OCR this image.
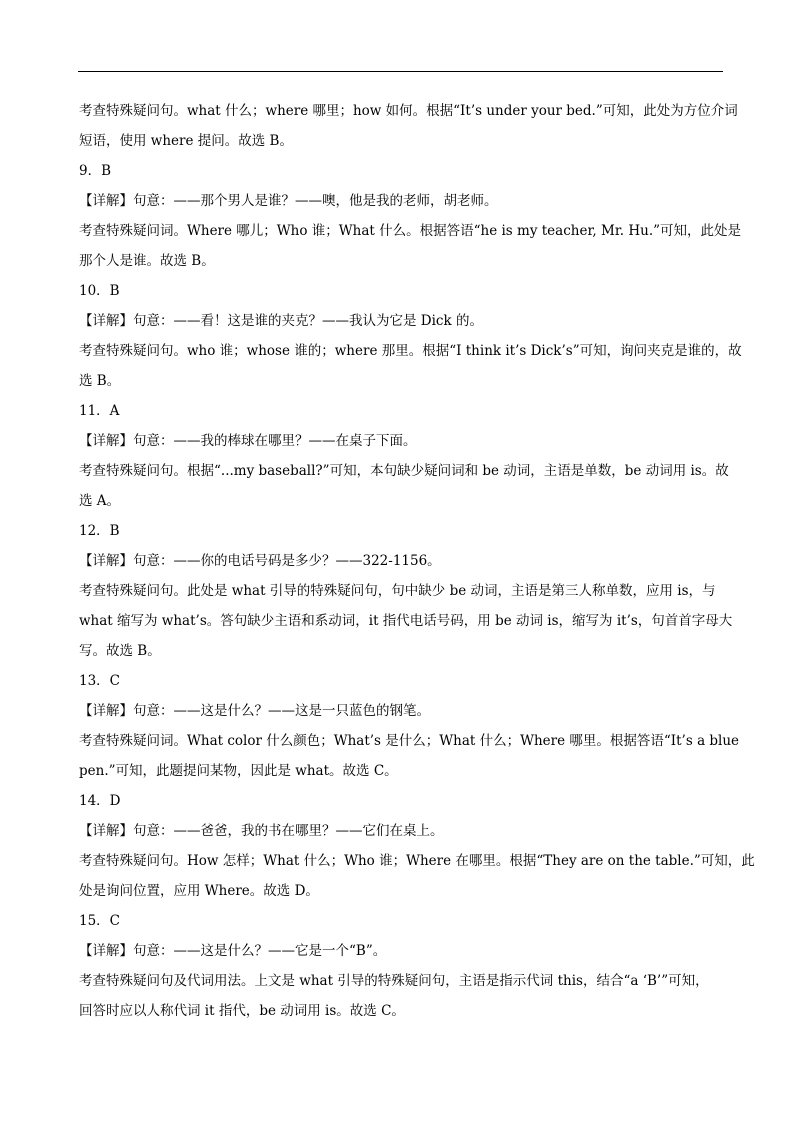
考查特殊疑问句。what 什么；where 哪里；how 如何。根据“It’s under your bed.”可知，此处为方位介词
短语，使用 where 提问。故选 B。
9．B
【详解】句意：——那个男人是谁？——噢，他是我的老师，胡老师。
考查特殊疑问词。Where 哪儿；Who 谁；What 什么。根据答语“he is my teacher, Mr. Hu.”可知，此处是
那个人是谁。故选 B。
10．B
【详解】句意：——看！这是谁的夹克？——我认为它是 Dick 的。
考查特殊疑问句。who 谁；whose 谁的；where 那里。根据“I think it’s Dick’s”可知，询问夹克是谁的，故
选 B。
11．A
【详解】句意：——我的棒球在哪里？——在桌子下面。
考查特殊疑问句。根据“...my baseball?”可知，本句缺少疑问词和 be 动词，主语是单数，be 动词用 is。故
选 A。
12．B
【详解】句意：——你的电话号码是多少？——322-1156。
考查特殊疑问句。此处是 what 引导的特殊疑问句，句中缺少 be 动词，主语是第三人称单数，应用 is，与
what 缩写为 what’s。答句缺少主语和系动词，it 指代电话号码，用 be 动词 is，缩写为 it’s，句首首字母大
写。故选 B。
13．C
【详解】句意：——这是什么？——这是一只蓝色的钢笔。
考查特殊疑问词。What color 什么颜色；What’s 是什么；What 什么；Where 哪里。根据答语“It’s a blue
pen.”可知，此题提问某物，因此是 what。故选 C。
14．D
【详解】句意：——爸爸，我的书在哪里？——它们在桌上。
考查特殊疑问句。How 怎样；What 什么；Who 谁；Where 在哪里。根据“They are on the table.”可知，此
处是询问位置，应用 Where。故选 D。
15．C
【详解】句意：——这是什么？——它是一个“B”。
考查特殊疑问句及代词用法。上文是 what 引导的特殊疑问句，主语是指示代词 this，结合“a ‘B’”可知，
回答时应以人称代词 it 指代，be 动词用 is。故选 C。
